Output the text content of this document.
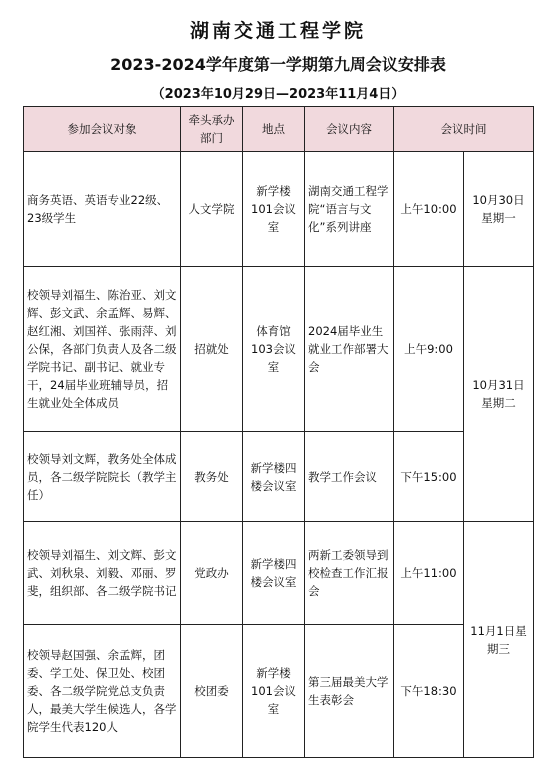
湖南交通工程学院
2023-2024学年度第一学期第九周会议安排表
（2023年10月29日—2023年11月4日）
参加会议对象	牵头承办部门	地点	会议内容	会议时间	
商务英语、英语专业22级、23级学生	人文学院	新学楼101会议室	湖南交通工程学院“语言与文化”系列讲座	上午10:00	10月30日星期一
校领导刘福生、陈治亚、刘文辉、彭文武、余孟辉、易辉、赵红湘、刘国祥、张雨萍、刘公保，各部门负责人及各二级学院书记、副书记、就业专干，24届毕业班辅导员，招生就业处全体成员	招就处	体育馆103会议室	2024届毕业生就业工作部署大会	上午9:00	10月31日星期二
校领导刘文辉，教务处全体成员，各二级学院院长（教学主任）	教务处	新学楼四楼会议室	教学工作会议	下午15:00	
校领导刘福生、刘文辉、彭文武、刘秋泉、刘毅、邓丽、罗斐，组织部、各二级学院书记	党政办	新学楼四楼会议室	两新工委领导到校检查工作汇报会	上午11:00	11月1日星期三
校领导赵国强、余孟辉，团委、学工处、保卫处、校团委、各二级学院党总支负责人，最美大学生候选人，各学院学生代表120人	校团委	新学楼101会议室	第三届最美大学生表彰会	下午18:30	
